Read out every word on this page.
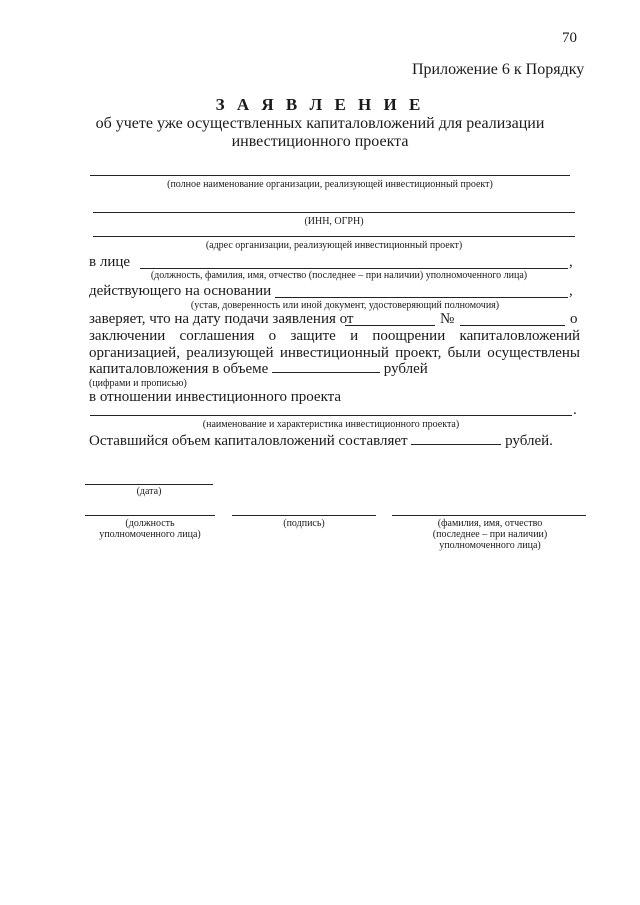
70
Приложение 6 к Порядку
З А Я В Л Е Н И Е
об учете уже осуществленных капиталовложений для реализации
инвестиционного проекта
(полное наименование организации, реализующей инвестиционный проект)
(ИНН, ОГРН)
(адрес организации, реализующей инвестиционный проект)
в лице	,
(должность, фамилия, имя, отчество (последнее – при наличии) уполномоченного лица)
действующего на основании	,
(устав, доверенность или иной документ, удостоверяющий полномочия)
заверяет, что на дату подачи заявления от	№	о
заключении соглашения о защите и поощрении капиталовложений
организацией, реализующей инвестиционный проект, были осуществлены
капиталовложения в объеме	рублей
(цифрами и прописью)
в отношении инвестиционного проекта
.
(наименование и характеристика инвестиционного проекта)
Оставшийся объем капиталовложений составляет	рублей.
(дата)
(должность
уполномоченного лица)
(подпись)	(фамилия, имя, отчество
(последнее – при наличии)
уполномоченного лица)
